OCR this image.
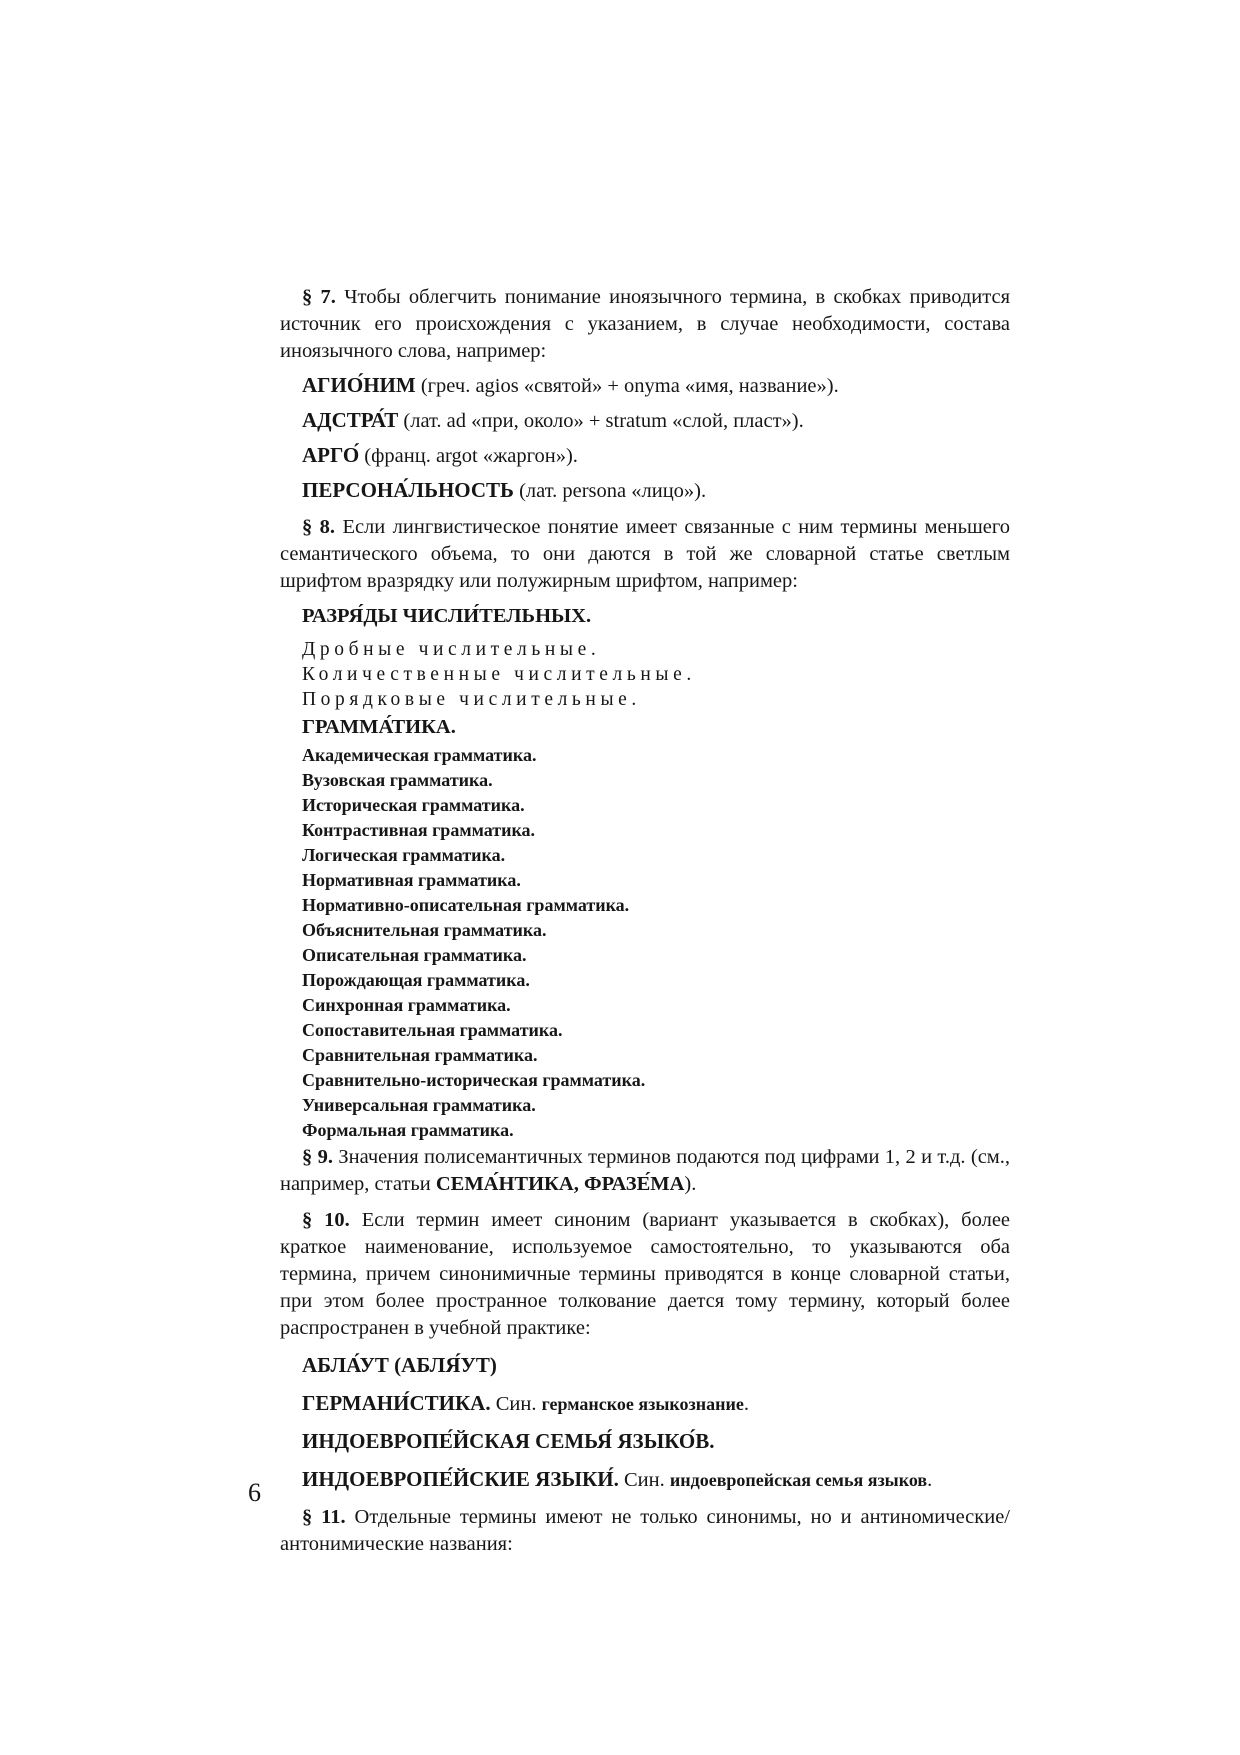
§ 7. Чтобы облегчить понимание иноязычного термина, в скобках приводится источник его происхождения с указанием, в случае необходимости, состава иноязычного слова, например:

АГИО́НИМ (греч. agios «святой» + onyma «имя, название»).

АДСТРА́Т (лат. ad «при, около» + stratum «слой, пласт»).

АРГО́ (франц. argot «жаргон»).

ПЕРСОНА́ЛЬНОСТЬ (лат. persona «лицо»).

§ 8. Если лингвистическое понятие имеет связанные с ним термины меньшего семантического объема, то они даются в той же словарной статье светлым шрифтом вразрядку или полужирным шрифтом, например:

РАЗРЯ́ДЫ ЧИСЛИ́ТЕЛЬНЫХ.

Дробные числительные.

Количественные числительные.

Порядковые числительные.

ГРАММА́ТИКА.

Академическая грамматика.

Вузовская грамматика.

Историческая грамматика.

Контрастивная грамматика.

Логическая грамматика.

Нормативная грамматика.

Нормативно-описательная грамматика.

Объяснительная грамматика.

Описательная грамматика.

Порождающая грамматика.

Синхронная грамматика.

Сопоставительная грамматика.

Сравнительная грамматика.

Сравнительно-историческая грамматика.

Универсальная грамматика.

Формальная грамматика.

§ 9. Значения полисемантичных терминов подаются под цифрами 1, 2 и т.д. (см., например, статьи СЕМА́НТИКА, ФРАЗЕ́МА).

§ 10. Если термин имеет синоним (вариант указывается в скобках), более краткое наименование, используемое самостоятельно, то указываются оба термина, причем синонимичные термины приводятся в конце словарной статьи, при этом более пространное толкование дается тому термину, который более распространен в учебной практике:

АБЛА́УТ (АБЛЯ́УТ)

ГЕРМАНИ́СТИКА. Син. германское языкознание.

ИНДОЕВРОПЕ́ЙСКАЯ СЕМЬЯ́ ЯЗЫКО́В.

ИНДОЕВРОПЕ́ЙСКИЕ ЯЗЫКИ́. Син. индоевропейская семья языков.

§ 11. Отдельные термины имеют не только синонимы, но и антиномические/антонимические названия:

6
